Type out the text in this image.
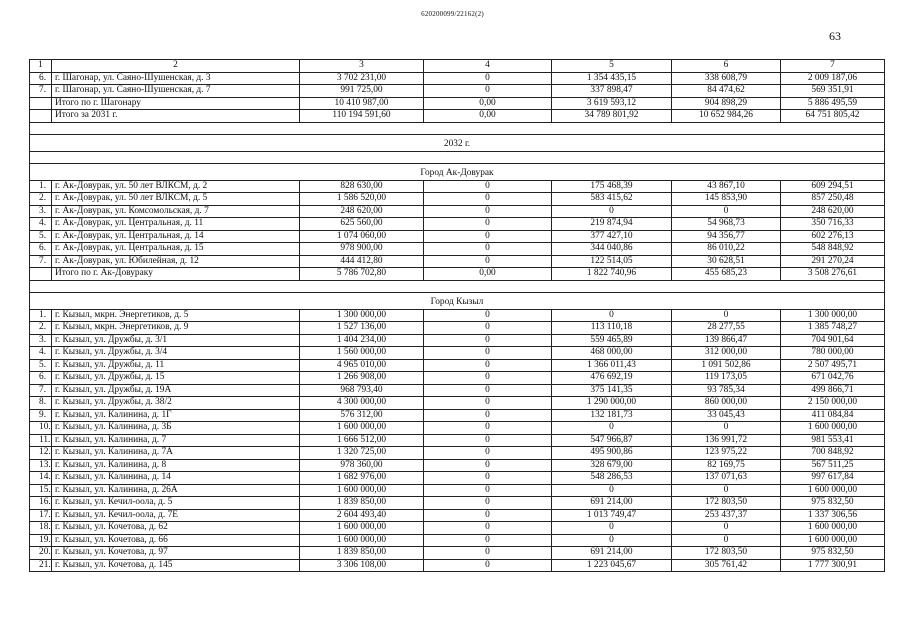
620200099/22162(2)
63
1	2	3	4	5	6	7
6.	г. Шагонар, ул. Саяно-Шушенская, д. 3	3 702 231,00	0	1 354 435,15	338 608,79	2 009 187,06
7.	г. Шагонар, ул. Саяно-Шушенская, д. 7	991 725,00	0	337 898,47	84 474,62	569 351,91
	Итого по г. Шагонару	10 410 987,00	0,00	3 619 593,12	904 898,29	5 886 495,59
	Итого за 2031 г.	110 194 591,60	0,00	34 789 801,92	10 652 984,26	64 751 805,42

2032 г.						

Город Ак-Довурак						
1.	г. Ак-Довурак, ул. 50 лет ВЛКСМ, д. 2	828 630,00	0	175 468,39	43 867,10	609 294,51
2.	г. Ак-Довурак, ул. 50 лет ВЛКСМ, д. 5	1 586 520,00	0	583 415,62	145 853,90	857 250,48
3.	г. Ак-Довурак, ул. Комсомольская, д. 7	248 620,00	0	0	0	248 620,00
4.	г. Ак-Довурак, ул. Центральная, д. 11	625 560,00	0	219 874,94	54 968,73	350 716,33
5.	г. Ак-Довурак, ул. Центральная, д. 14	1 074 060,00	0	377 427,10	94 356,77	602 276,13
6.	г. Ак-Довурак, ул. Центральная, д. 15	978 900,00	0	344 040,86	86 010,22	548 848,92
7.	г. Ак-Довурак, ул. Юбилейная, д. 12	444 412,80	0	122 514,05	30 628,51	291 270,24
	Итого по г. Ак-Довураку	5 786 702,80	0,00	1 822 740,96	455 685,23	3 508 276,61

Город Кызыл						
1.	г. Кызыл, мкрн. Энергетиков, д. 5	1 300 000,00	0	0	0	1 300 000,00
2.	г. Кызыл, мкрн. Энергетиков, д. 9	1 527 136,00	0	113 110,18	28 277,55	1 385 748,27
3.	г. Кызыл, ул. Дружбы, д. 3/1	1 404 234,00	0	559 465,89	139 866,47	704 901,64
4.	г. Кызыл, ул. Дружбы, д. 3/4	1 560 000,00	0	468 000,00	312 000,00	780 000,00
5.	г. Кызыл, ул. Дружбы, д. 11	4 965 010,00	0	1 366 011,43	1 091 502,86	2 507 495,71
6.	г. Кызыл, ул. Дружбы, д. 15	1 266 908,00	0	476 692,19	119 173,05	671 042,76
7.	г. Кызыл, ул. Дружбы, д. 19А	968 793,40	0	375 141,35	93 785,34	499 866,71
8.	г. Кызыл, ул. Дружбы, д. 38/2	4 300 000,00	0	1 290 000,00	860 000,00	2 150 000,00
9.	г. Кызыл, ул. Калинина, д. 1Г	576 312,00	0	132 181,73	33 045,43	411 084,84
10.	г. Кызыл, ул. Калинина, д. 3Б	1 600 000,00	0	0	0	1 600 000,00
11.	г. Кызыл, ул. Калинина, д. 7	1 666 512,00	0	547 966,87	136 991,72	981 553,41
12.	г. Кызыл, ул. Калинина, д. 7А	1 320 725,00	0	495 900,86	123 975,22	700 848,92
13.	г. Кызыл, ул. Калинина, д. 8	978 360,00	0	328 679,00	82 169,75	567 511,25
14.	г. Кызыл, ул. Калинина, д. 14	1 682 976,00	0	548 286,53	137 071,63	997 617,84
15.	г. Кызыл, ул. Калинина, д. 26А	1 600 000,00	0	0	0	1 600 000,00
16.	г. Кызыл, ул. Кечил-оола, д. 5	1 839 850,00	0	691 214,00	172 803,50	975 832,50
17.	г. Кызыл, ул. Кечил-оола, д. 7Е	2 604 493,40	0	1 013 749,47	253 437,37	1 337 306,56
18.	г. Кызыл, ул. Кочетова, д. 62	1 600 000,00	0	0	0	1 600 000,00
19.	г. Кызыл, ул. Кочетова, д. 66	1 600 000,00	0	0	0	1 600 000,00
20.	г. Кызыл, ул. Кочетова, д. 97	1 839 850,00	0	691 214,00	172 803,50	975 832,50
21.	г. Кызыл, ул. Кочетова, д. 145	3 306 108,00	0	1 223 045,67	305 761,42	1 777 300,91
